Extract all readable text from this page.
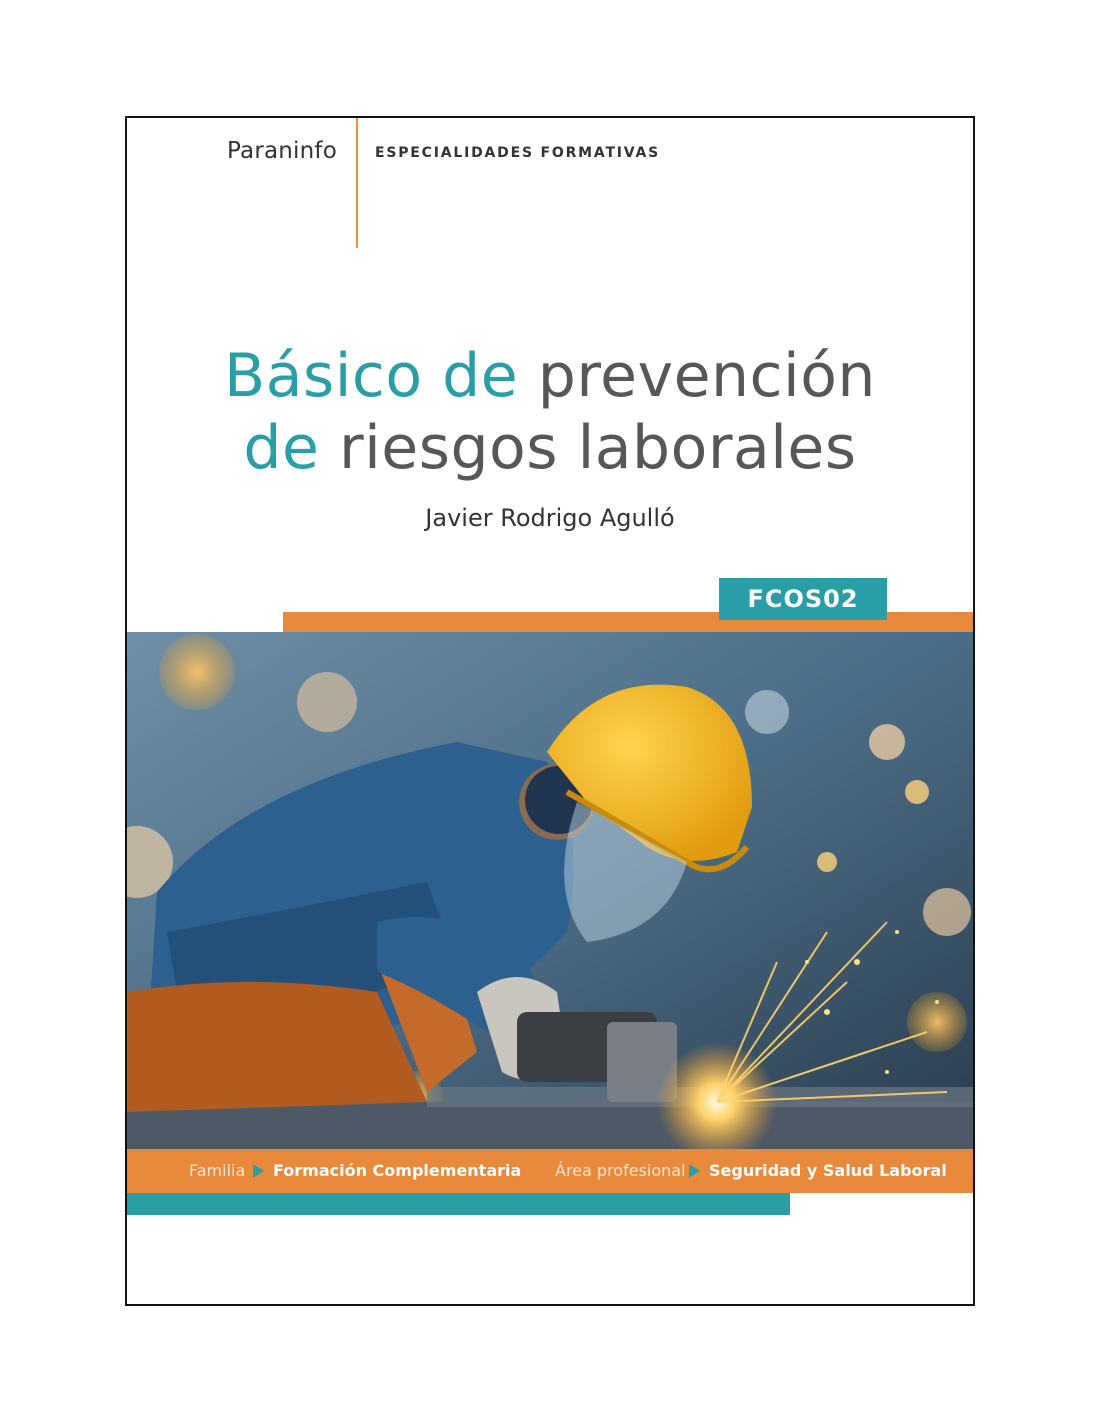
Paraninfo	ESPECIALIDADES FORMATIVAS
Básico de prevención
de riesgos laborales
Javier Rodrigo Agulló
FCOS02
Familia Formación Complementaria Área profesional Seguridad y Salud Laboral
